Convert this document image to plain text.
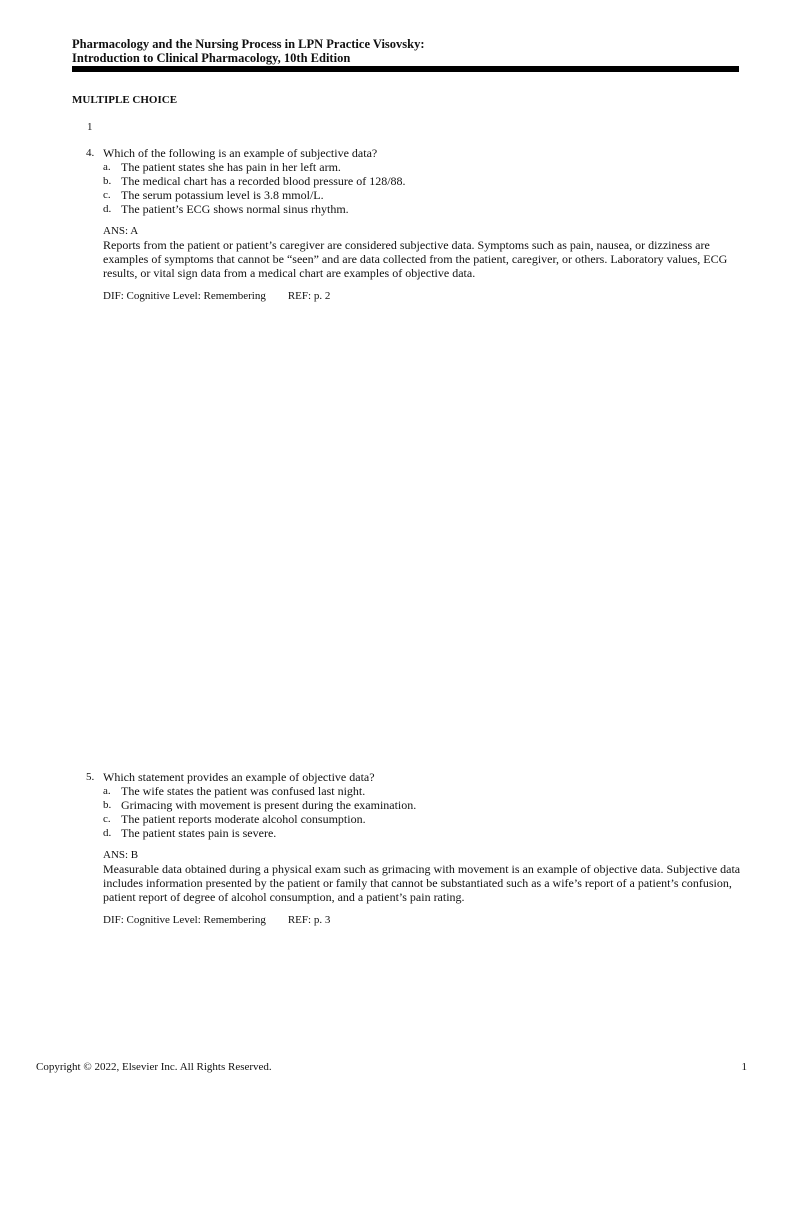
Pharmacology and the Nursing Process in LPN Practice Visovsky:

Introduction to Clinical Pharmacology, 10th Edition

MULTIPLE CHOICE

1
4. Which of the following is an example of subjective data?
a. The patient states she has pain in her left arm.
b. The medical chart has a recorded blood pressure of 128/88.
c. The serum potassium level is 3.8 mmol/L.
d. The patient’s ECG shows normal sinus rhythm.
ANS: A

Reports from the patient or patient’s caregiver are considered subjective data. Symptoms such as pain, nausea, or dizziness are examples of symptoms that cannot be “seen” and are data collected from the patient, caregiver, or others. Laboratory values, ECG results, or vital sign data from a medical chart are examples of objective data.

DIF: Cognitive Level: Remembering REF: p. 2
5. Which statement provides an example of objective data?
a. The wife states the patient was confused last night.
b. Grimacing with movement is present during the examination.
c. The patient reports moderate alcohol consumption.
d. The patient states pain is severe.
ANS: B

Measurable data obtained during a physical exam such as grimacing with movement is an example of objective data. Subjective data includes information presented by the patient or family that cannot be substantiated such as a wife’s report of a patient’s confusion, patient report of degree of alcohol consumption, and a patient’s pain rating.

DIF: Cognitive Level: Remembering REF: p. 3
Copyright © 2022, Elsevier Inc. All Rights Reserved.	1
